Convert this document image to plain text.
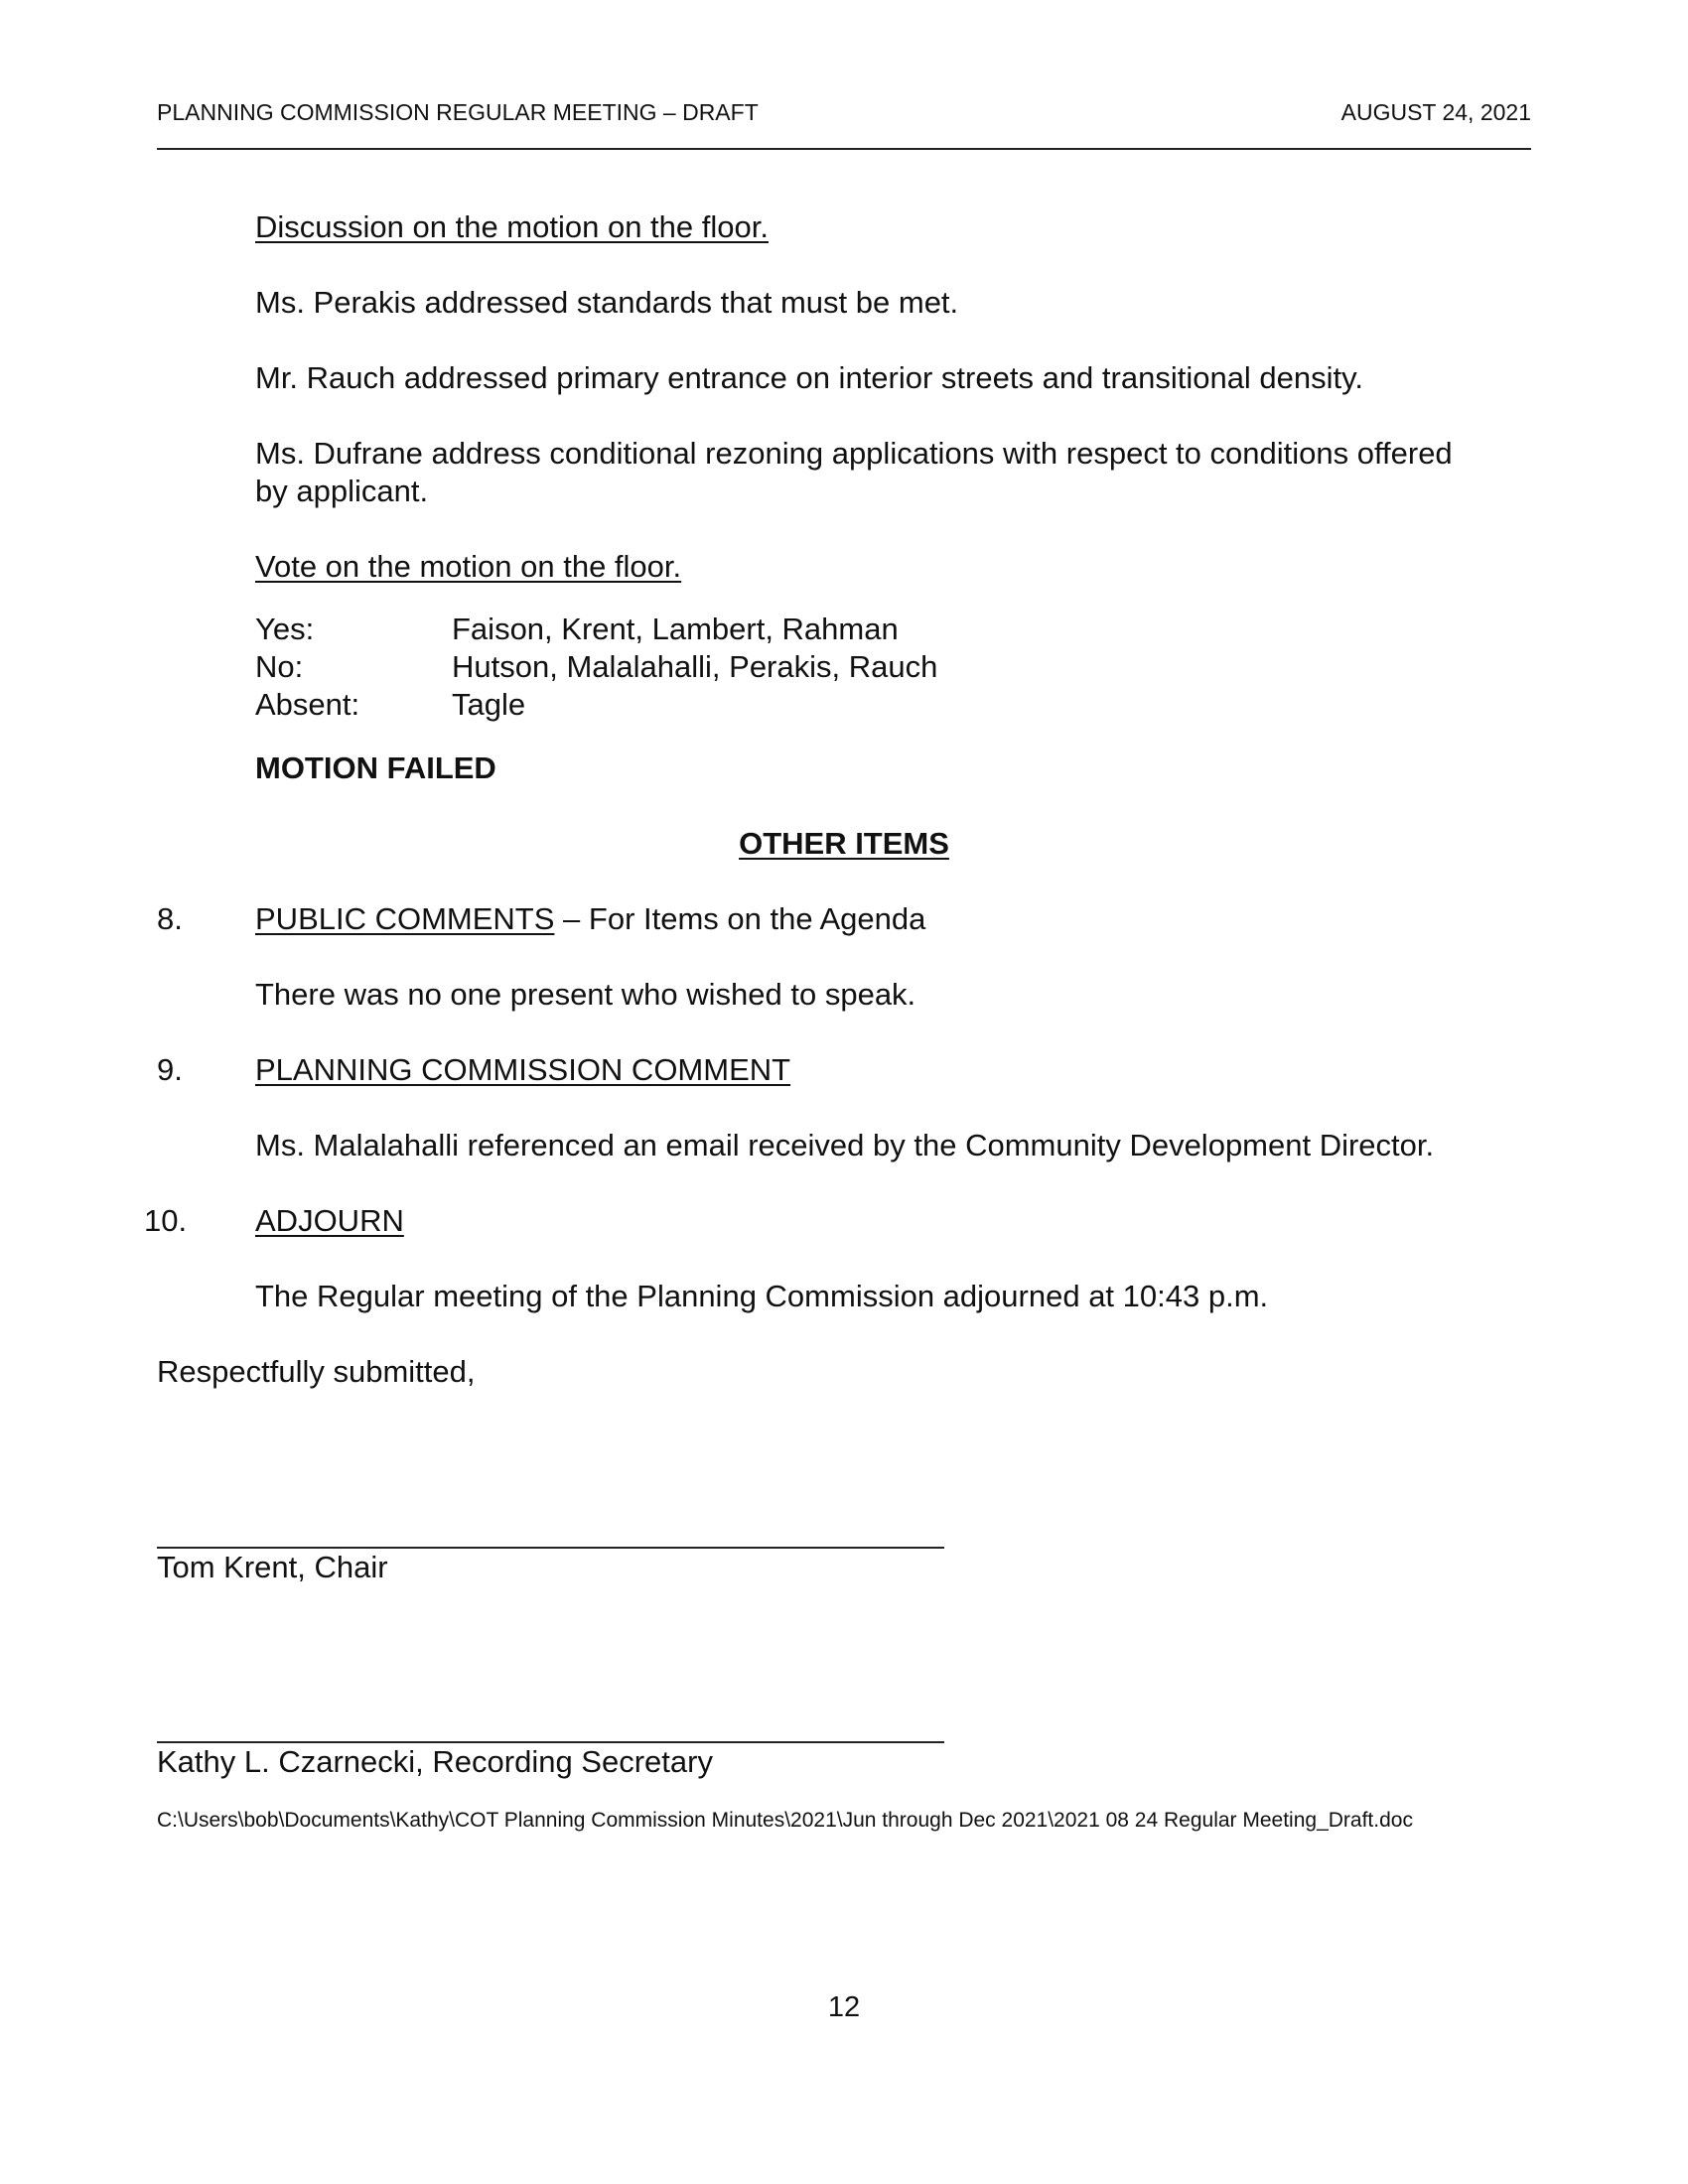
PLANNING COMMISSION REGULAR MEETING – DRAFT	AUGUST 24, 2021
Discussion on the motion on the floor.
Ms. Perakis addressed standards that must be met.
Mr. Rauch addressed primary entrance on interior streets and transitional density.
Ms. Dufrane address conditional rezoning applications with respect to conditions offered
by applicant.
Vote on the motion on the floor.
Yes:	Faison, Krent, Lambert, Rahman
No:	Hutson, Malalahalli, Perakis, Rauch
Absent:	Tagle
MOTION FAILED
OTHER ITEMS
8. PUBLIC COMMENTS – For Items on the Agenda
There was no one present who wished to speak.
9. PLANNING COMMISSION COMMENT
Ms. Malalahalli referenced an email received by the Community Development Director.
10. ADJOURN
The Regular meeting of the Planning Commission adjourned at 10:43 p.m.
Respectfully submitted,
Tom Krent, Chair
Kathy L. Czarnecki, Recording Secretary
C:\Users\bob\Documents\Kathy\COT Planning Commission Minutes\2021\Jun through Dec 2021\2021 08 24 Regular Meeting_Draft.doc
12
